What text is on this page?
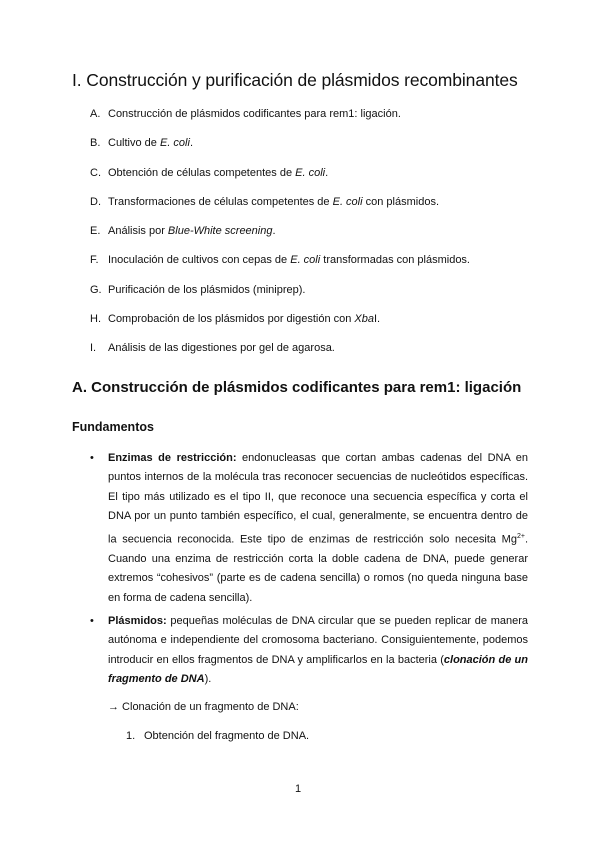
I. Construcción y purificación de plásmidos recombinantes
A. Construcción de plásmidos codificantes para rem1: ligación.
B. Cultivo de E. coli.
C. Obtención de células competentes de E. coli.
D. Transformaciones de células competentes de E. coli con plásmidos.
E. Análisis por Blue-White screening.
F. Inoculación de cultivos con cepas de E. coli transformadas con plásmidos.
G. Purificación de los plásmidos (miniprep).
H. Comprobación de los plásmidos por digestión con XbaI.
I.	Análisis de las digestiones por gel de agarosa.
A. Construcción de plásmidos codificantes para rem1: ligación
Fundamentos
• Enzimas de restricción: endonucleasas que cortan ambas cadenas del DNA en puntos internos de la molécula tras reconocer secuencias de nucleótidos específicas. El tipo más utilizado es el tipo II, que reconoce una secuencia específica y corta el DNA por un punto también específico, el cual, generalmente, se encuentra dentro de la secuencia reconocida. Este tipo de enzimas de restricción solo necesita $Mg^{2+}$. Cuando una enzima de restricción corta la doble cadena de DNA, puede generar extremos “cohesivos” (parte es de cadena sencilla) o romos (no queda ninguna base en forma de cadena sencilla).
• Plásmidos: pequeñas moléculas de DNA circular que se pueden replicar de manera autónoma e independiente del cromosoma bacteriano. Consiguientemente, podemos introducir en ellos fragmentos de DNA y amplificarlos en la bacteria (clonación de un fragmento de DNA).
→ Clonación de un fragmento de DNA:
1. Obtención del fragmento de DNA.
1
